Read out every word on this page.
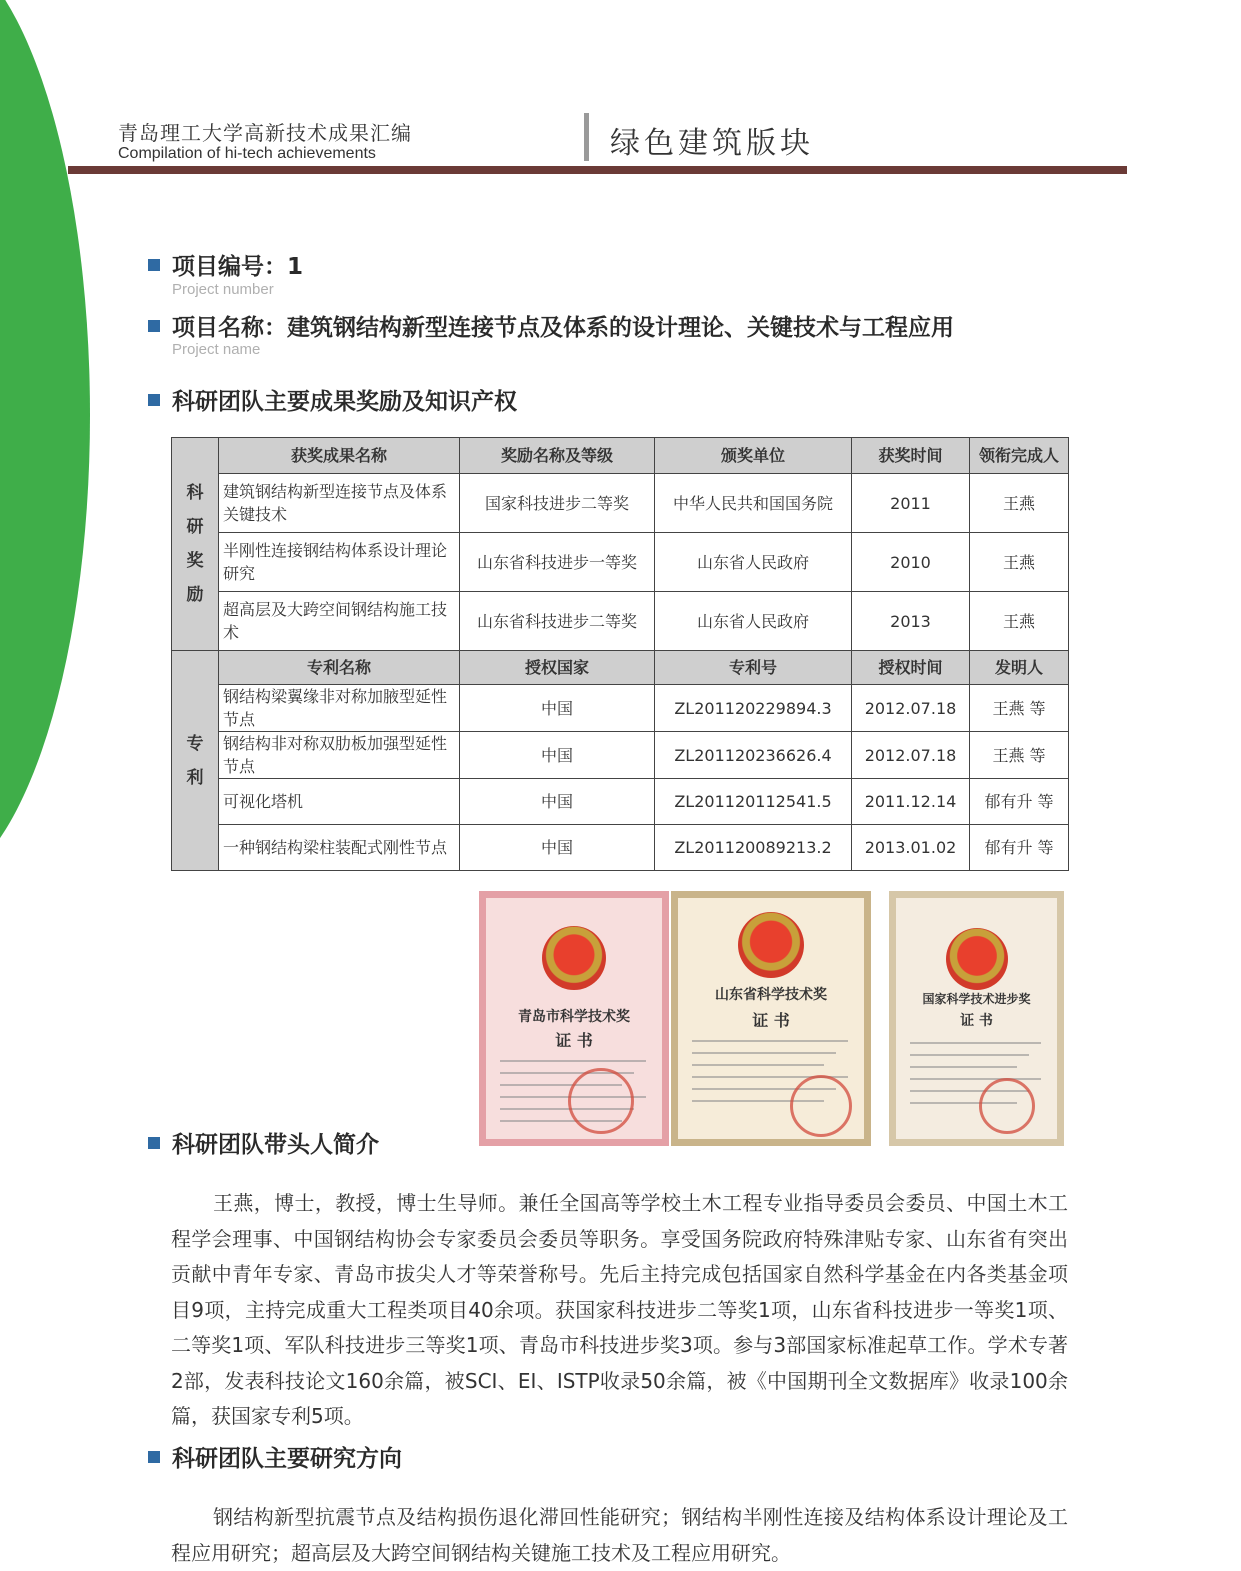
青岛理工大学高新技术成果汇编
Compilation of hi-tech achievements	绿色建筑版块
项目编号：1
Project number
项目名称：建筑钢结构新型连接节点及体系的设计理论、关键技术与工程应用
Project name
科研团队主要成果奖励及知识产权
科
研
奖
励	获奖成果名称	奖励名称及等级	颁奖单位	获奖时间	领衔完成人
	建筑钢结构新型连接节点及体系关键技术	国家科技进步二等奖	中华人民共和国国务院	2011	王燕
	半刚性连接钢结构体系设计理论研究	山东省科技进步一等奖	山东省人民政府	2010	王燕
	超高层及大跨空间钢结构施工技术	山东省科技进步二等奖	山东省人民政府	2013	王燕
专
利	专利名称	授权国家	专利号	授权时间	发明人
	钢结构梁翼缘非对称加腋型延性节点	中国	ZL201120229894.3	2012.07.18	王燕 等
	钢结构非对称双肋板加强型延性节点	中国	ZL201120236626.4	2012.07.18	王燕 等
	可视化塔机	中国	ZL201120112541.5	2011.12.14	郁有升 等
	一种钢结构梁柱装配式刚性节点	中国	ZL201120089213.2	2013.01.02	郁有升 等
青岛市科学技术奖
证 书
山东省科学技术奖
证 书
国家科学技术进步奖
证 书
科研团队带头人简介

王燕，博士，教授，博士生导师。兼任全国高等学校土木工程专业指导委员会委员、中国土木工程学会理事、中国钢结构协会专家委员会委员等职务。享受国务院政府特殊津贴专家、山东省有突出贡献中青年专家、青岛市拔尖人才等荣誉称号。先后主持完成包括国家自然科学基金在内各类基金项目9项，主持完成重大工程类项目40余项。获国家科技进步二等奖1项，山东省科技进步一等奖1项、二等奖1项、军队科技进步三等奖1项、青岛市科技进步奖3项。参与3部国家标准起草工作。学术专著2部，发表科技论文160余篇，被SCI、EI、ISTP收录50余篇，被《中国期刊全文数据库》收录100余篇，获国家专利5项。

科研团队主要研究方向

钢结构新型抗震节点及结构损伤退化滞回性能研究；钢结构半刚性连接及结构体系设计理论及工程应用研究；超高层及大跨空间钢结构关键施工技术及工程应用研究。
